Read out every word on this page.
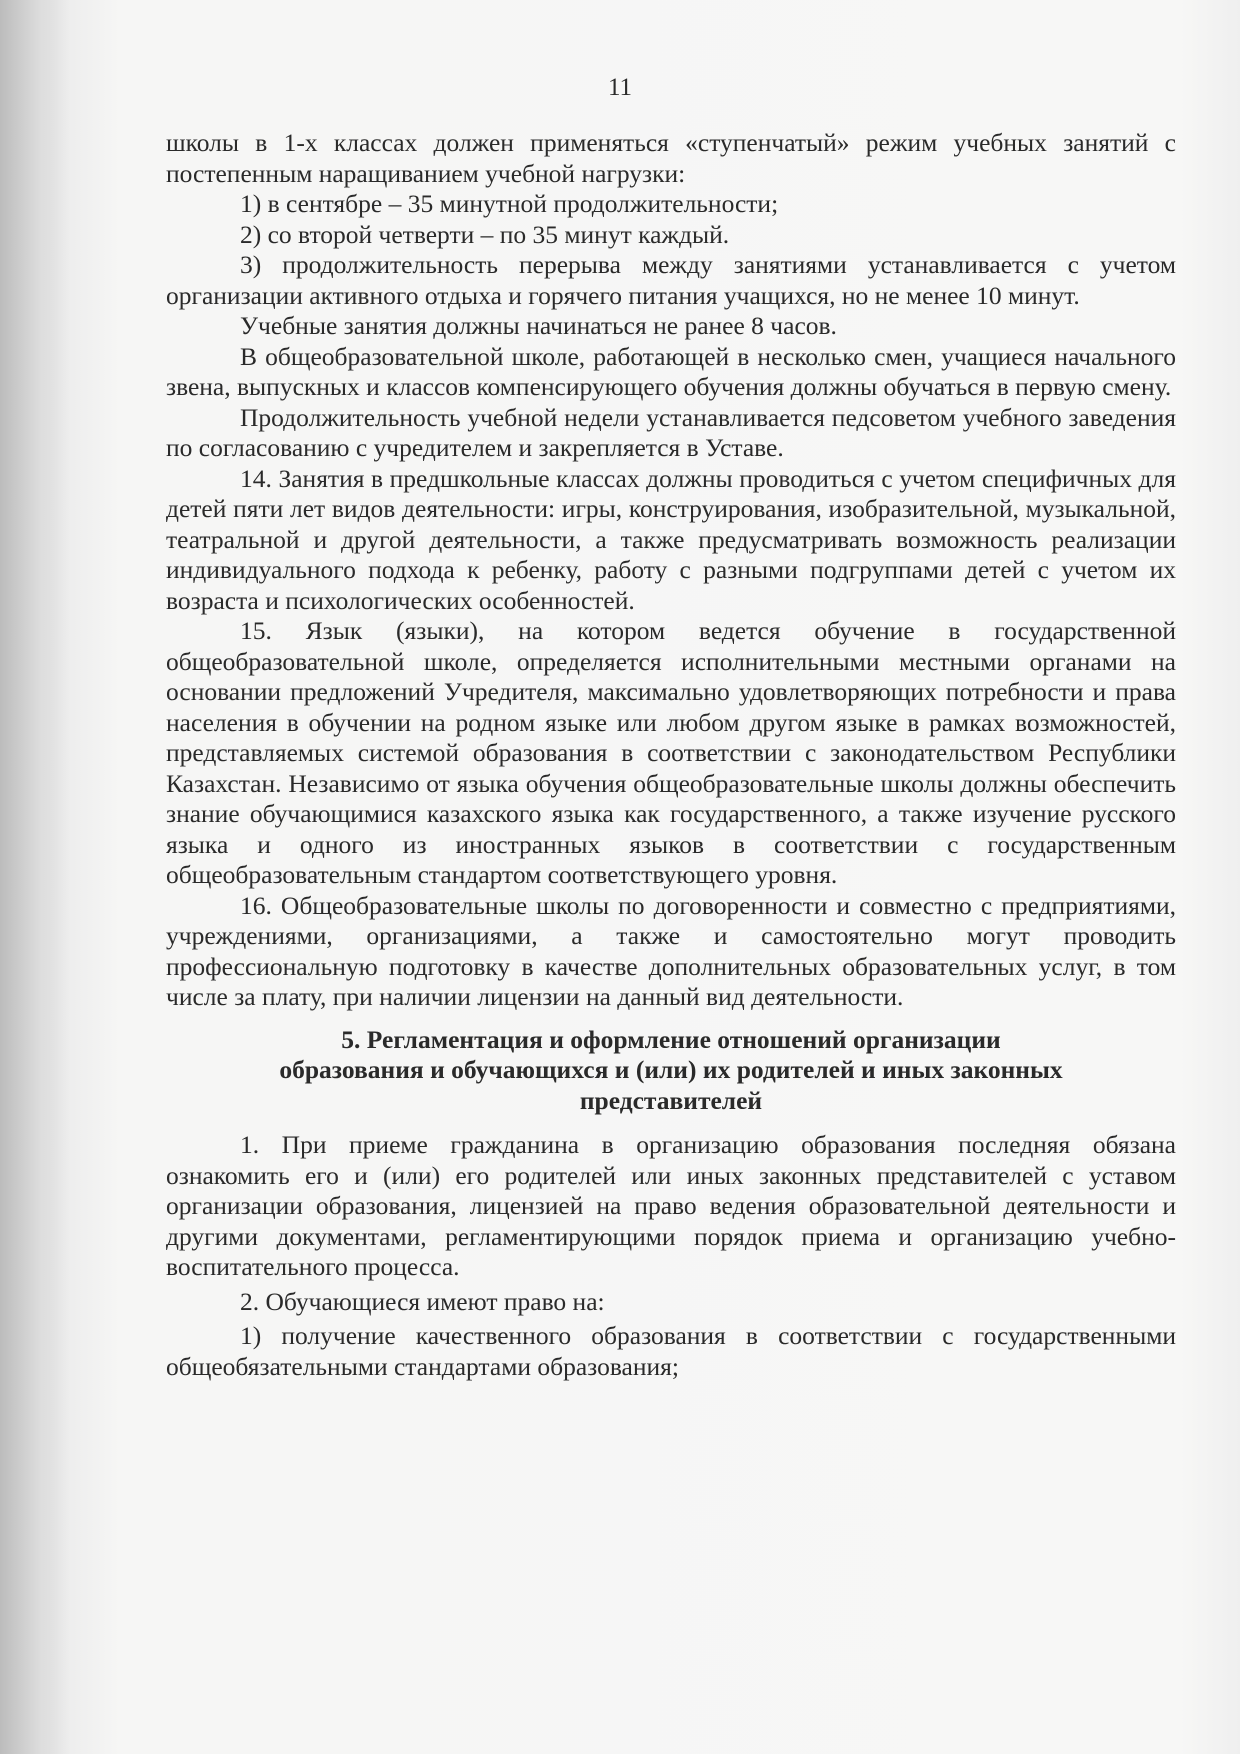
11

школы в 1-х классах должен применяться «ступенчатый» режим учебных занятий с постепенным наращиванием учебной нагрузки:

1) в сентябре – 35 минутной продолжительности;

2) со второй четверти – по 35 минут каждый.

3) продолжительность перерыва между занятиями устанавливается с учетом организации активного отдыха и горячего питания учащихся, но не менее 10 минут.

Учебные занятия должны начинаться не ранее 8 часов.

В общеобразовательной школе, работающей в несколько смен, учащиеся начального звена, выпускных и классов компенсирующего обучения должны обучаться в первую смену.

Продолжительность учебной недели устанавливается педсоветом учебного заведения по согласованию с учредителем и закрепляется в Уставе.

14. Занятия в предшкольные классах должны проводиться с учетом специфичных для детей пяти лет видов деятельности: игры, конструирования, изобразительной, музыкальной, театральной и другой деятельности, а также предусматривать возможность реализации индивидуального подхода к ребенку, работу с разными подгруппами детей с учетом их возраста и психологических особенностей.

15. Язык (языки), на котором ведется обучение в государственной общеобразовательной школе, определяется исполнительными местными органами на основании предложений Учредителя, максимально удовлетворяющих потребности и права населения в обучении на родном языке или любом другом языке в рамках возможностей, представляемых системой образования в соответствии с законодательством Республики Казахстан. Независимо от языка обучения общеобразовательные школы должны обеспечить знание обучающимися казахского языка как государственного, а также изучение русского языка и одного из иностранных языков в соответствии с государственным общеобразовательным стандартом соответствующего уровня.

16. Общеобразовательные школы по договоренности и совместно с предприятиями, учреждениями, организациями, а также и самостоятельно могут проводить профессиональную подготовку в качестве дополнительных образовательных услуг, в том числе за плату, при наличии лицензии на данный вид деятельности.

5. Регламентация и оформление отношений организации
образования и обучающихся и (или) их родителей и иных законных
представителей

1. При приеме гражданина в организацию образования последняя обязана ознакомить его и (или) его родителей или иных законных представителей с уставом организации образования, лицензией на право ведения образовательной деятельности и другими документами, регламентирующими порядок приема и организацию учебно-воспитательного процесса.

2. Обучающиеся имеют право на:

1) получение качественного образования в соответствии с государственными общеобязательными стандартами образования;
